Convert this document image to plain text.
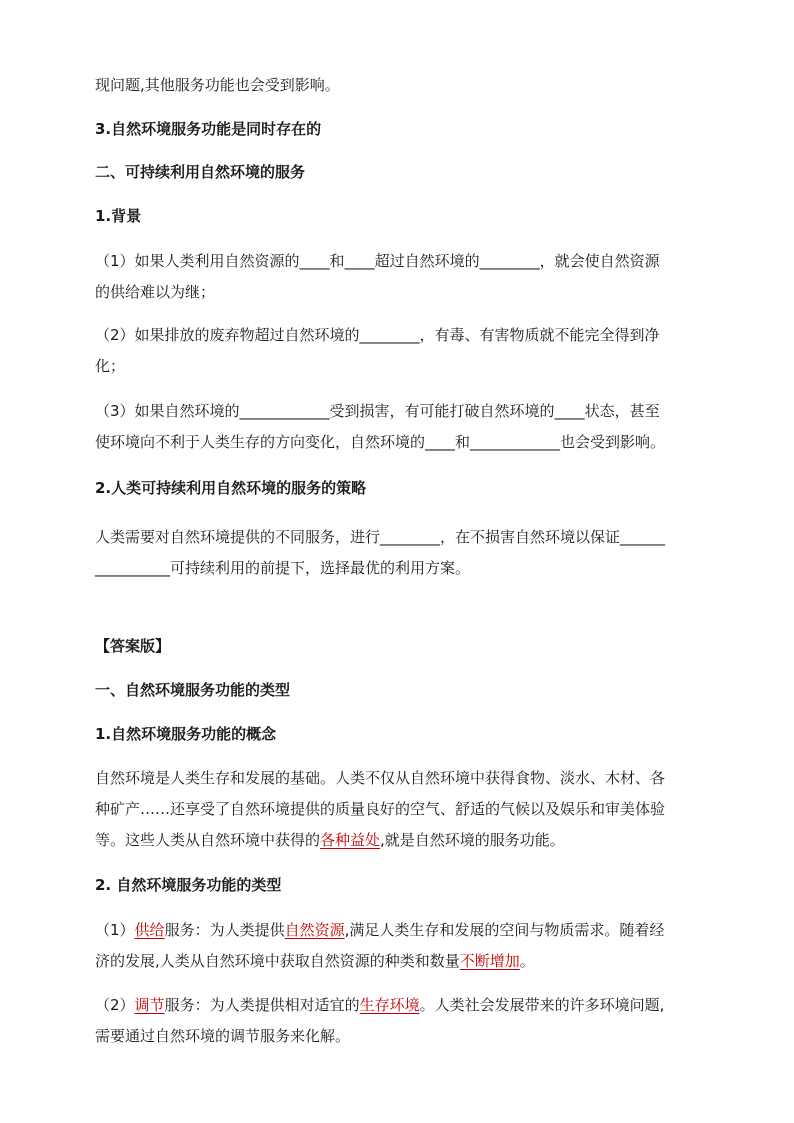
现问题,其他服务功能也会受到影响。
3.自然环境服务功能是同时存在的
二、可持续利用自然环境的服务
1.背景
（1）如果人类利用自然资源的____和____超过自然环境的________，就会使自然资源
的供给难以为继；
（2）如果排放的废弃物超过自然环境的________，有毒、有害物质就不能完全得到净
化；
（3）如果自然环境的____________受到损害，有可能打破自然环境的____状态，甚至
使环境向不利于人类生存的方向变化，自然环境的____和____________也会受到影响。
2.人类可持续利用自然环境的服务的策略
人类需要对自然环境提供的不同服务，进行________，在不损害自然环境以保证______
__________可持续利用的前提下，选择最优的利用方案。
【答案版】
一、自然环境服务功能的类型
1.自然环境服务功能的概念
自然环境是人类生存和发展的基础。人类不仅从自然环境中获得食物、淡水、木材、各
种矿产……还享受了自然环境提供的质量良好的空气、舒适的气候以及娱乐和审美体验
等。这些人类从自然环境中获得的各种益处,就是自然环境的服务功能。
2. 自然环境服务功能的类型
（1）供给服务：为人类提供自然资源,满足人类生存和发展的空间与物质需求。随着经
济的发展,人类从自然环境中获取自然资源的种类和数量不断增加。
（2）调节服务：为人类提供相对适宜的生存环境。人类社会发展带来的许多环境问题,
需要通过自然环境的调节服务来化解。
